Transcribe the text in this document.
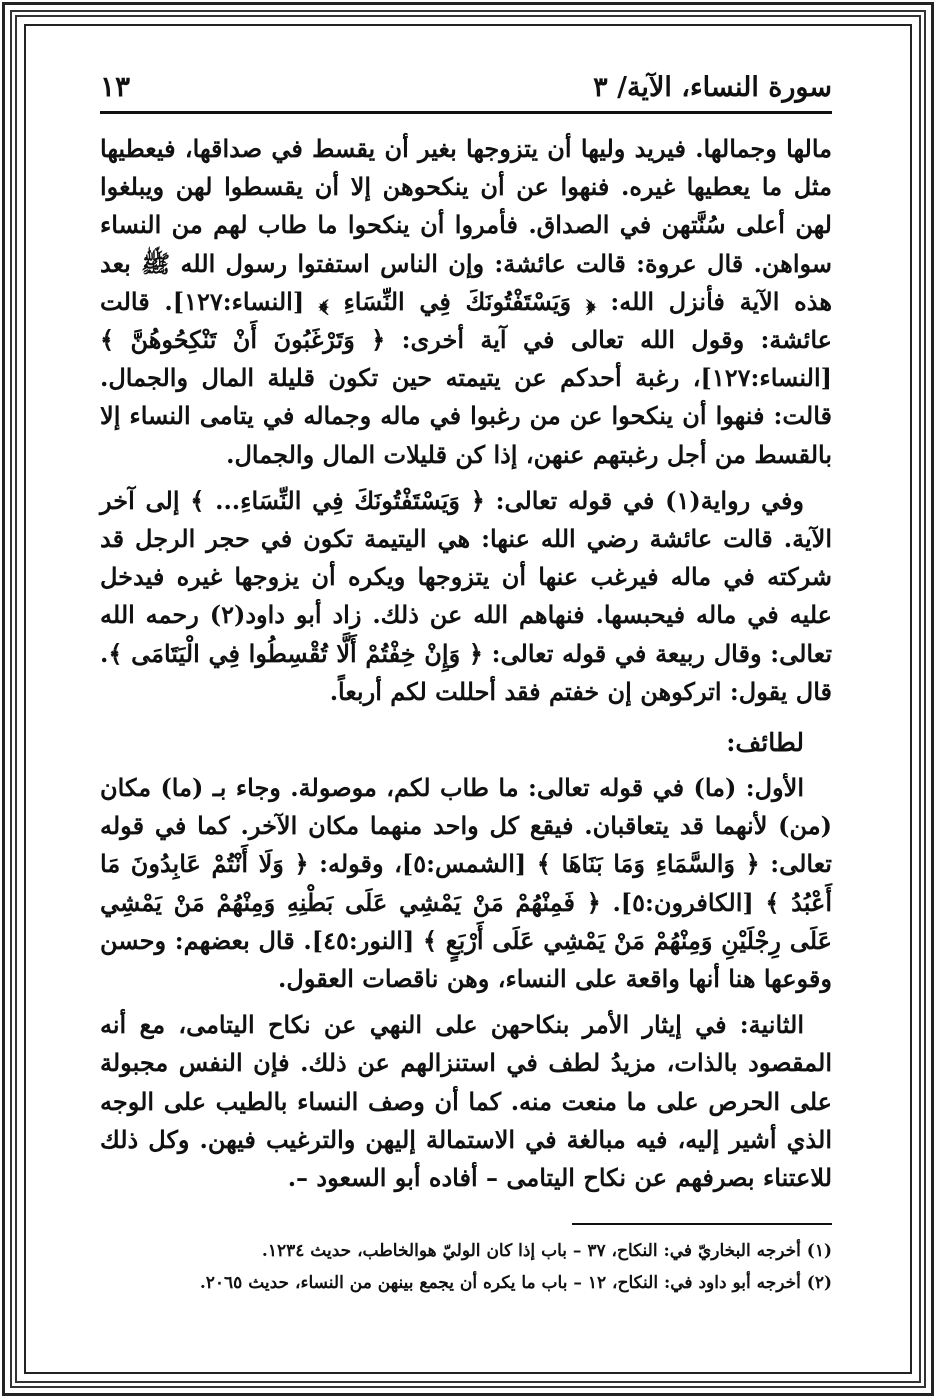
سورة النساء، الآية/ ٣
١٣

مالها وجمالها. فيريد وليها أن يتزوجها بغير أن يقسط في صداقها، فيعطيها مثل ما يعطيها غيره. فنهوا عن أن ينكحوهن إلا أن يقسطوا لهن ويبلغوا لهن أعلى سُنَّتهن في الصداق. فأمروا أن ينكحوا ما طاب لهم من النساء سواهن. قال عروة: قالت عائشة: وإن الناس استفتوا رسول الله ﷺ بعد هذه الآية فأنزل الله: ﴿ وَيَسْتَفْتُونَكَ فِي النِّسَاءِ ﴾ [النساء:١٢٧]. قالت عائشة: وقول الله تعالى في آية أخرى: ﴿ وَتَرْغَبُونَ أَنْ تَنْكِحُوهُنَّ ﴾ [النساء:١٢٧]، رغبة أحدكم عن يتيمته حين تكون قليلة المال والجمال. قالت: فنهوا أن ينكحوا عن من رغبوا في ماله وجماله في يتامى النساء إلا بالقسط من أجل رغبتهم عنهن، إذا كن قليلات المال والجمال.

وفي رواية(١) في قوله تعالى: ﴿ وَيَسْتَفْتُونَكَ فِي النِّسَاءِ... ﴾ إلى آخر الآية. قالت عائشة رضي الله عنها: هي اليتيمة تكون في حجر الرجل قد شركته في ماله فيرغب عنها أن يتزوجها ويكره أن يزوجها غيره فيدخل عليه في ماله فيحبسها. فنهاهم الله عن ذلك. زاد أبو داود(٢) رحمه الله تعالى: وقال ربيعة في قوله تعالى: ﴿ وَإِنْ خِفْتُمْ أَلَّا تُقْسِطُوا فِي الْيَتَامَى ﴾. قال يقول: اتركوهن إن خفتم فقد أحللت لكم أربعاً.

لطائف:

الأول: (ما) في قوله تعالى: ما طاب لكم، موصولة. وجاء بـ (ما) مكان (من) لأنهما قد يتعاقبان. فيقع كل واحد منهما مكان الآخر. كما في قوله تعالى: ﴿ وَالسَّمَاءِ وَمَا بَنَاهَا ﴾ [الشمس:٥]، وقوله: ﴿ وَلَا أَنْتُمْ عَابِدُونَ مَا أَعْبُدُ ﴾ [الكافرون:٥]. ﴿ فَمِنْهُمْ مَنْ يَمْشِي عَلَى بَطْنِهِ وَمِنْهُمْ مَنْ يَمْشِي عَلَى رِجْلَيْنِ وَمِنْهُمْ مَنْ يَمْشِي عَلَى أَرْبَعٍ ﴾ [النور:٤٥]. قال بعضهم: وحسن وقوعها هنا أنها واقعة على النساء، وهن ناقصات العقول.

الثانية: في إيثار الأمر بنكاحهن على النهي عن نكاح اليتامى، مع أنه المقصود بالذات، مزيدُ لطف في استنزالهم عن ذلك. فإن النفس مجبولة على الحرص على ما منعت منه. كما أن وصف النساء بالطيب على الوجه الذي أشير إليه، فيه مبالغة في الاستمالة إليهن والترغيب فيهن. وكل ذلك للاعتناء بصرفهم عن نكاح اليتامى – أفاده أبو السعود –.

(١) أخرجه البخاريّ في: النكاح، ٣٧ – باب إذا كان الوليّ هوالخاطب، حديث ١٢٣٤.

(٢) أخرجه أبو داود في: النكاح، ١٢ – باب ما يكره أن يجمع بينهن من النساء، حديث ٢٠٦٥.
